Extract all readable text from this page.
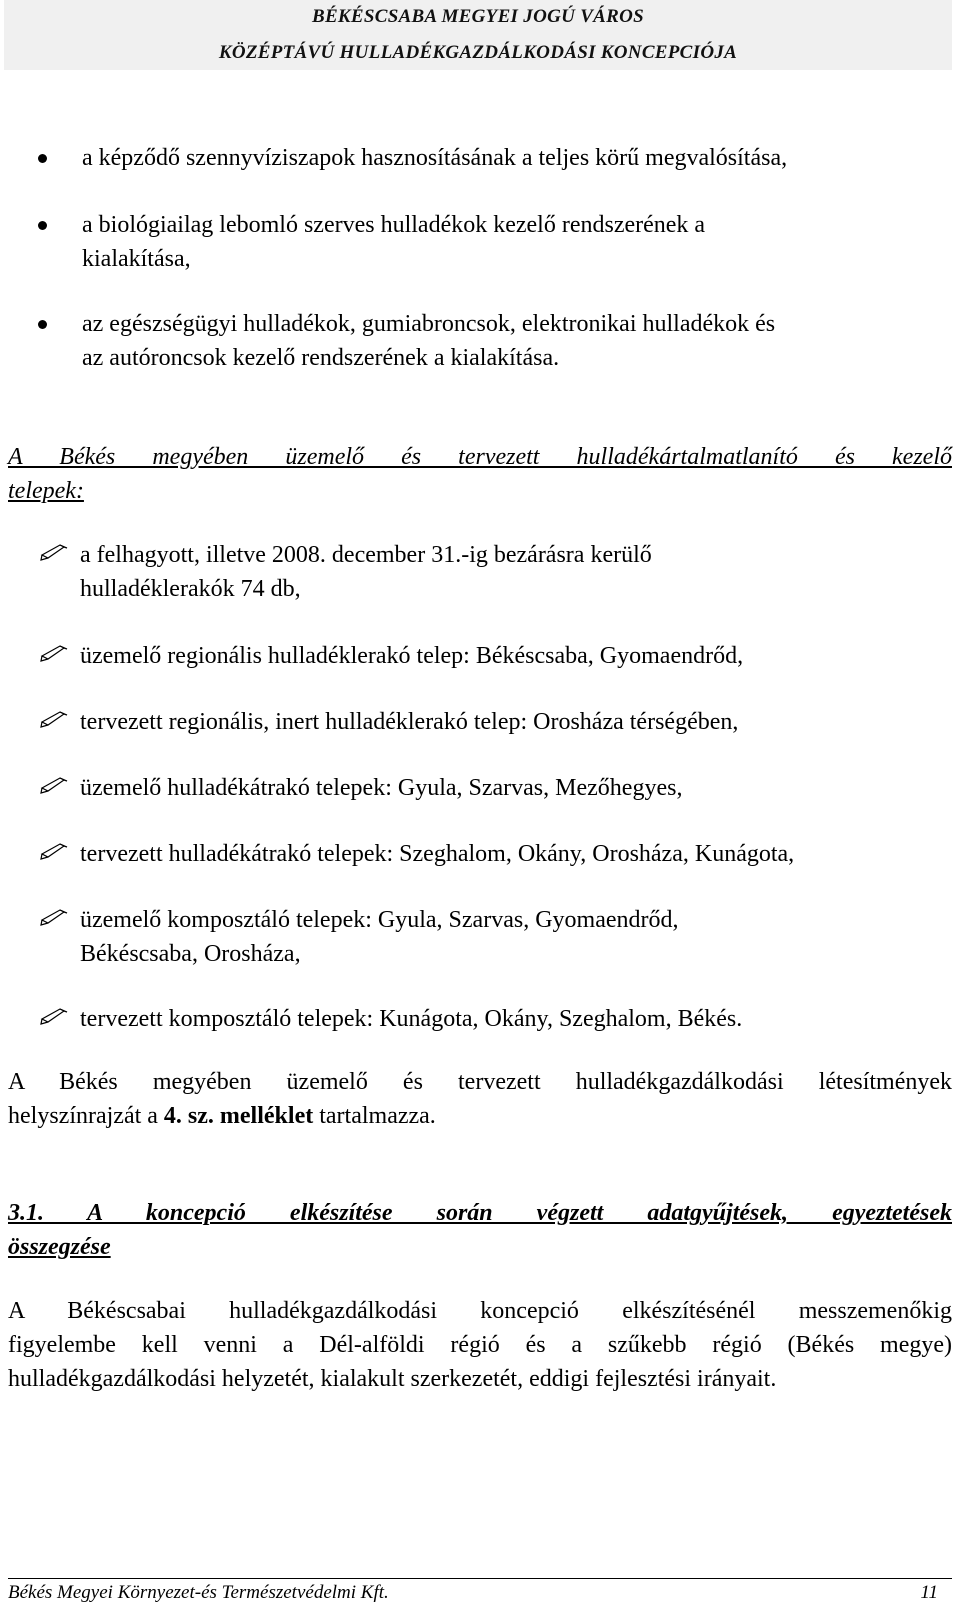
BÉKÉSCSABA MEGYEI JOGÚ VÁROS
KÖZÉPTÁVÚ HULLADÉKGAZDÁLKODÁSI KONCEPCIÓJA
a képződő szennyvíziszapok hasznosításának a teljes körű megvalósítása,
a biológiailag lebomló szerves hulladékok kezelő rendszerének a
kialakítása,
az egészségügyi hulladékok, gumiabroncsok, elektronikai hulladékok és
az autóroncsok kezelő rendszerének a kialakítása.
A Békés megyében üzemelő és tervezett hulladékártalmatlanító és kezelő
telepek:
a felhagyott, illetve 2008. december 31.-ig bezárásra kerülő
hulladéklerakók 74 db,
üzemelő regionális hulladéklerakó telep: Békéscsaba, Gyomaendrőd,
tervezett regionális, inert hulladéklerakó telep: Orosháza térségében,
üzemelő hulladékátrakó telepek: Gyula, Szarvas, Mezőhegyes,
tervezett hulladékátrakó telepek: Szeghalom, Okány, Orosháza, Kunágota,
üzemelő komposztáló telepek: Gyula, Szarvas, Gyomaendrőd,
Békéscsaba, Orosháza,
tervezett komposztáló telepek: Kunágota, Okány, Szeghalom, Békés.
A Békés megyében üzemelő és tervezett hulladékgazdálkodási létesítmények
helyszínrajzát a 4. sz. melléklet tartalmazza.
3.1. A koncepció elkészítése során végzett adatgyűjtések, egyeztetések
összegzése
A Békéscsabai hulladékgazdálkodási koncepció elkészítésénél messzemenőkig
figyelembe kell venni a Dél-alföldi régió és a szűkebb régió (Békés megye)
hulladékgazdálkodási helyzetét, kialakult szerkezetét, eddigi fejlesztési irányait.
Békés Megyei Környezet-és Természetvédelmi Kft.	11
